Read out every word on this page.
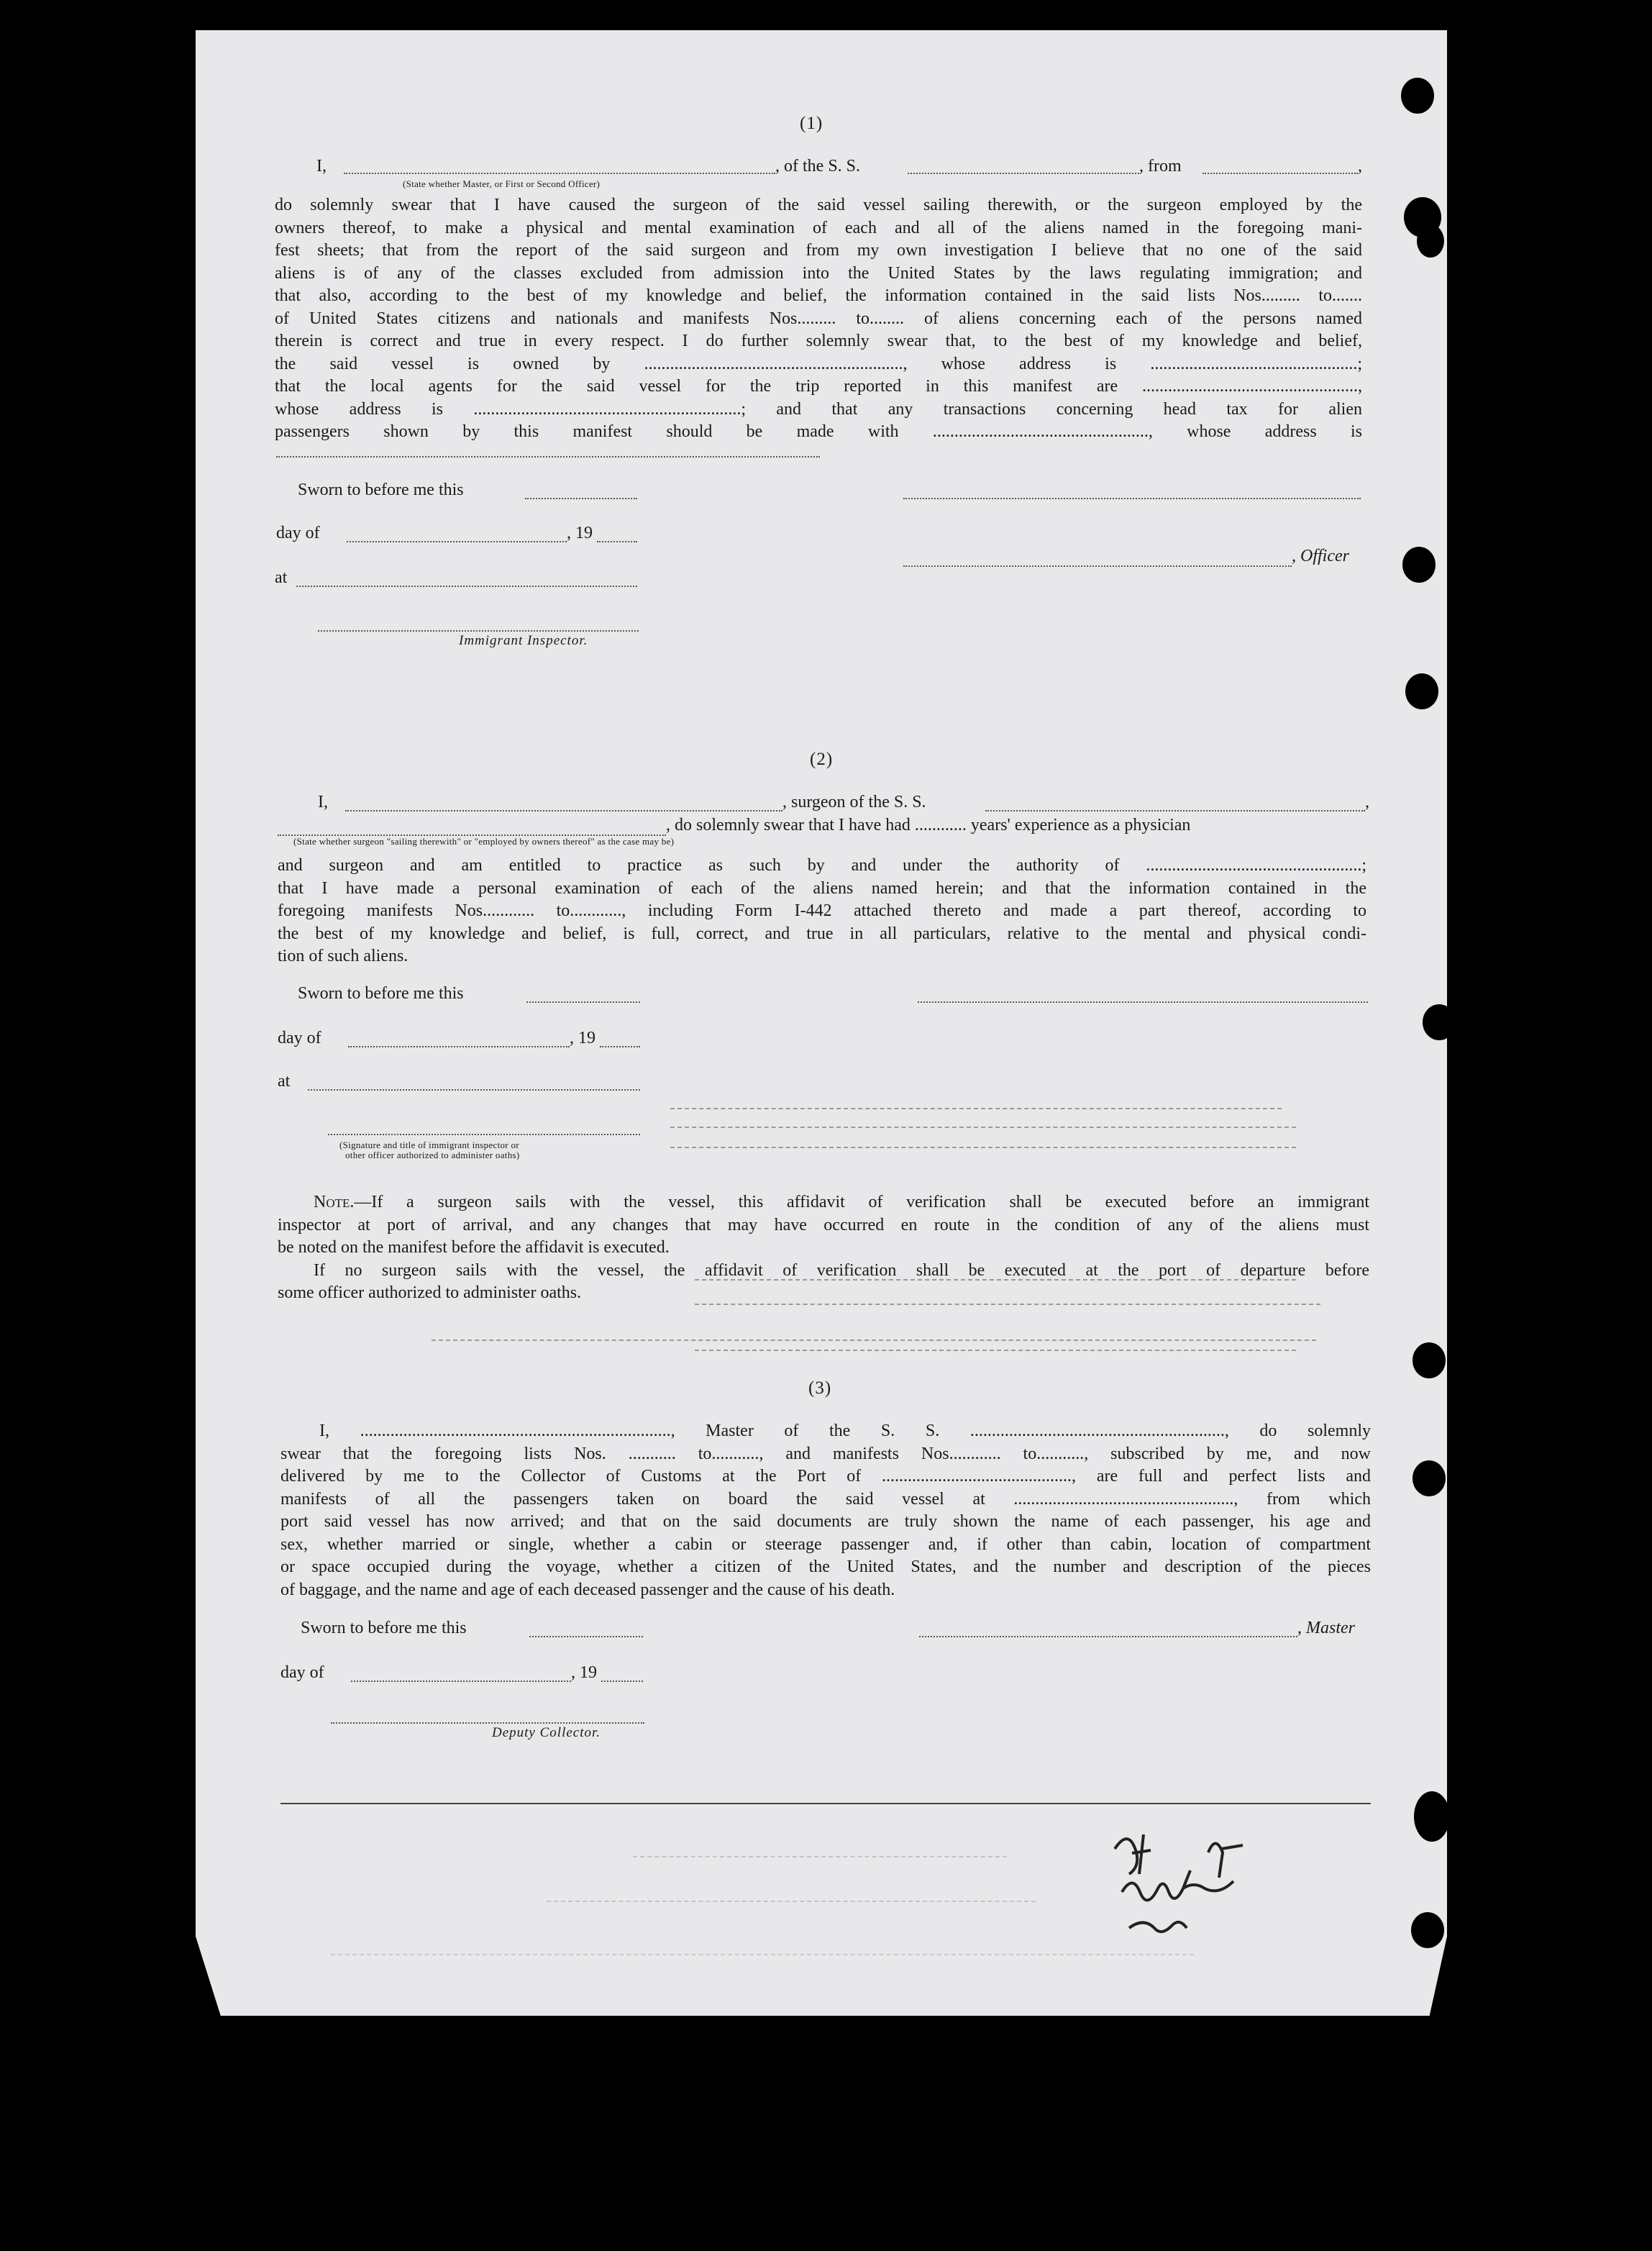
(1)
I,	, of the S. S.	, from	,
(State whether Master, or First or Second Officer)
do solemnly swear that I have caused the surgeon of the said vessel sailing therewith, or the surgeon employed by the
owners thereof, to make a physical and mental examination of each and all of the aliens named in the foregoing mani-
fest sheets; that from the report of the said surgeon and from my own investigation I believe that no one of the said
aliens is of any of the classes excluded from admission into the United States by the laws regulating immigration; and
that also, according to the best of my knowledge and belief, the information contained in the said lists Nos......... to.......
of United States citizens and nationals and manifests Nos......... to........ of aliens concerning each of the persons named
therein is correct and true in every respect. I do further solemnly swear that, to the best of my knowledge and belief,
the said vessel is owned by ............................................................, whose address is ................................................;
that the local agents for the said vessel for the trip reported in this manifest are ..................................................,
whose address is ..............................................................; and that any transactions concerning head tax for alien
passengers shown by this manifest should be made with .................................................., whose address is
Sworn to before me this
day of	, 19
, Officer
at
Immigrant Inspector.
(2)
I,	, surgeon of the S. S.	,
, do solemnly swear that I have had ............ years' experience as a physician
(State whether surgeon "sailing therewith" or "employed by owners thereof" as the case may be)
and surgeon and am entitled to practice as such by and under the authority of ..................................................;
that I have made a personal examination of each of the aliens named herein; and that the information contained in the
foregoing manifests Nos............ to............, including Form I-442 attached thereto and made a part thereof, according to
the best of my knowledge and belief, is full, correct, and true in all particulars, relative to the mental and physical condi-
tion of such aliens.
Sworn to before me this
day of	, 19
at
(Signature and title of immigrant inspector or
other officer authorized to administer oaths)
Note.—If a surgeon sails with the vessel, this affidavit of verification shall be executed before an immigrant
inspector at port of arrival, and any changes that may have occurred en route in the condition of any of the aliens must
be noted on the manifest before the affidavit is executed.
If no surgeon sails with the vessel, the affidavit of verification shall be executed at the port of departure before
some officer authorized to administer oaths.
(3)
I, ........................................................................, Master of the S. S. ..........................................................., do solemnly
swear that the foregoing lists Nos. ........... to..........., and manifests Nos............ to..........., subscribed by me, and now
delivered by me to the Collector of Customs at the Port of ............................................, are full and perfect lists and
manifests of all the passengers taken on board the said vessel at ..................................................., from which
port said vessel has now arrived; and that on the said documents are truly shown the name of each passenger, his age and
sex, whether married or single, whether a cabin or steerage passenger and, if other than cabin, location of compartment
or space occupied during the voyage, whether a citizen of the United States, and the number and description of the pieces
of baggage, and the name and age of each deceased passenger and the cause of his death.
Sworn to before me this	, Master
day of	, 19
Deputy Collector.
